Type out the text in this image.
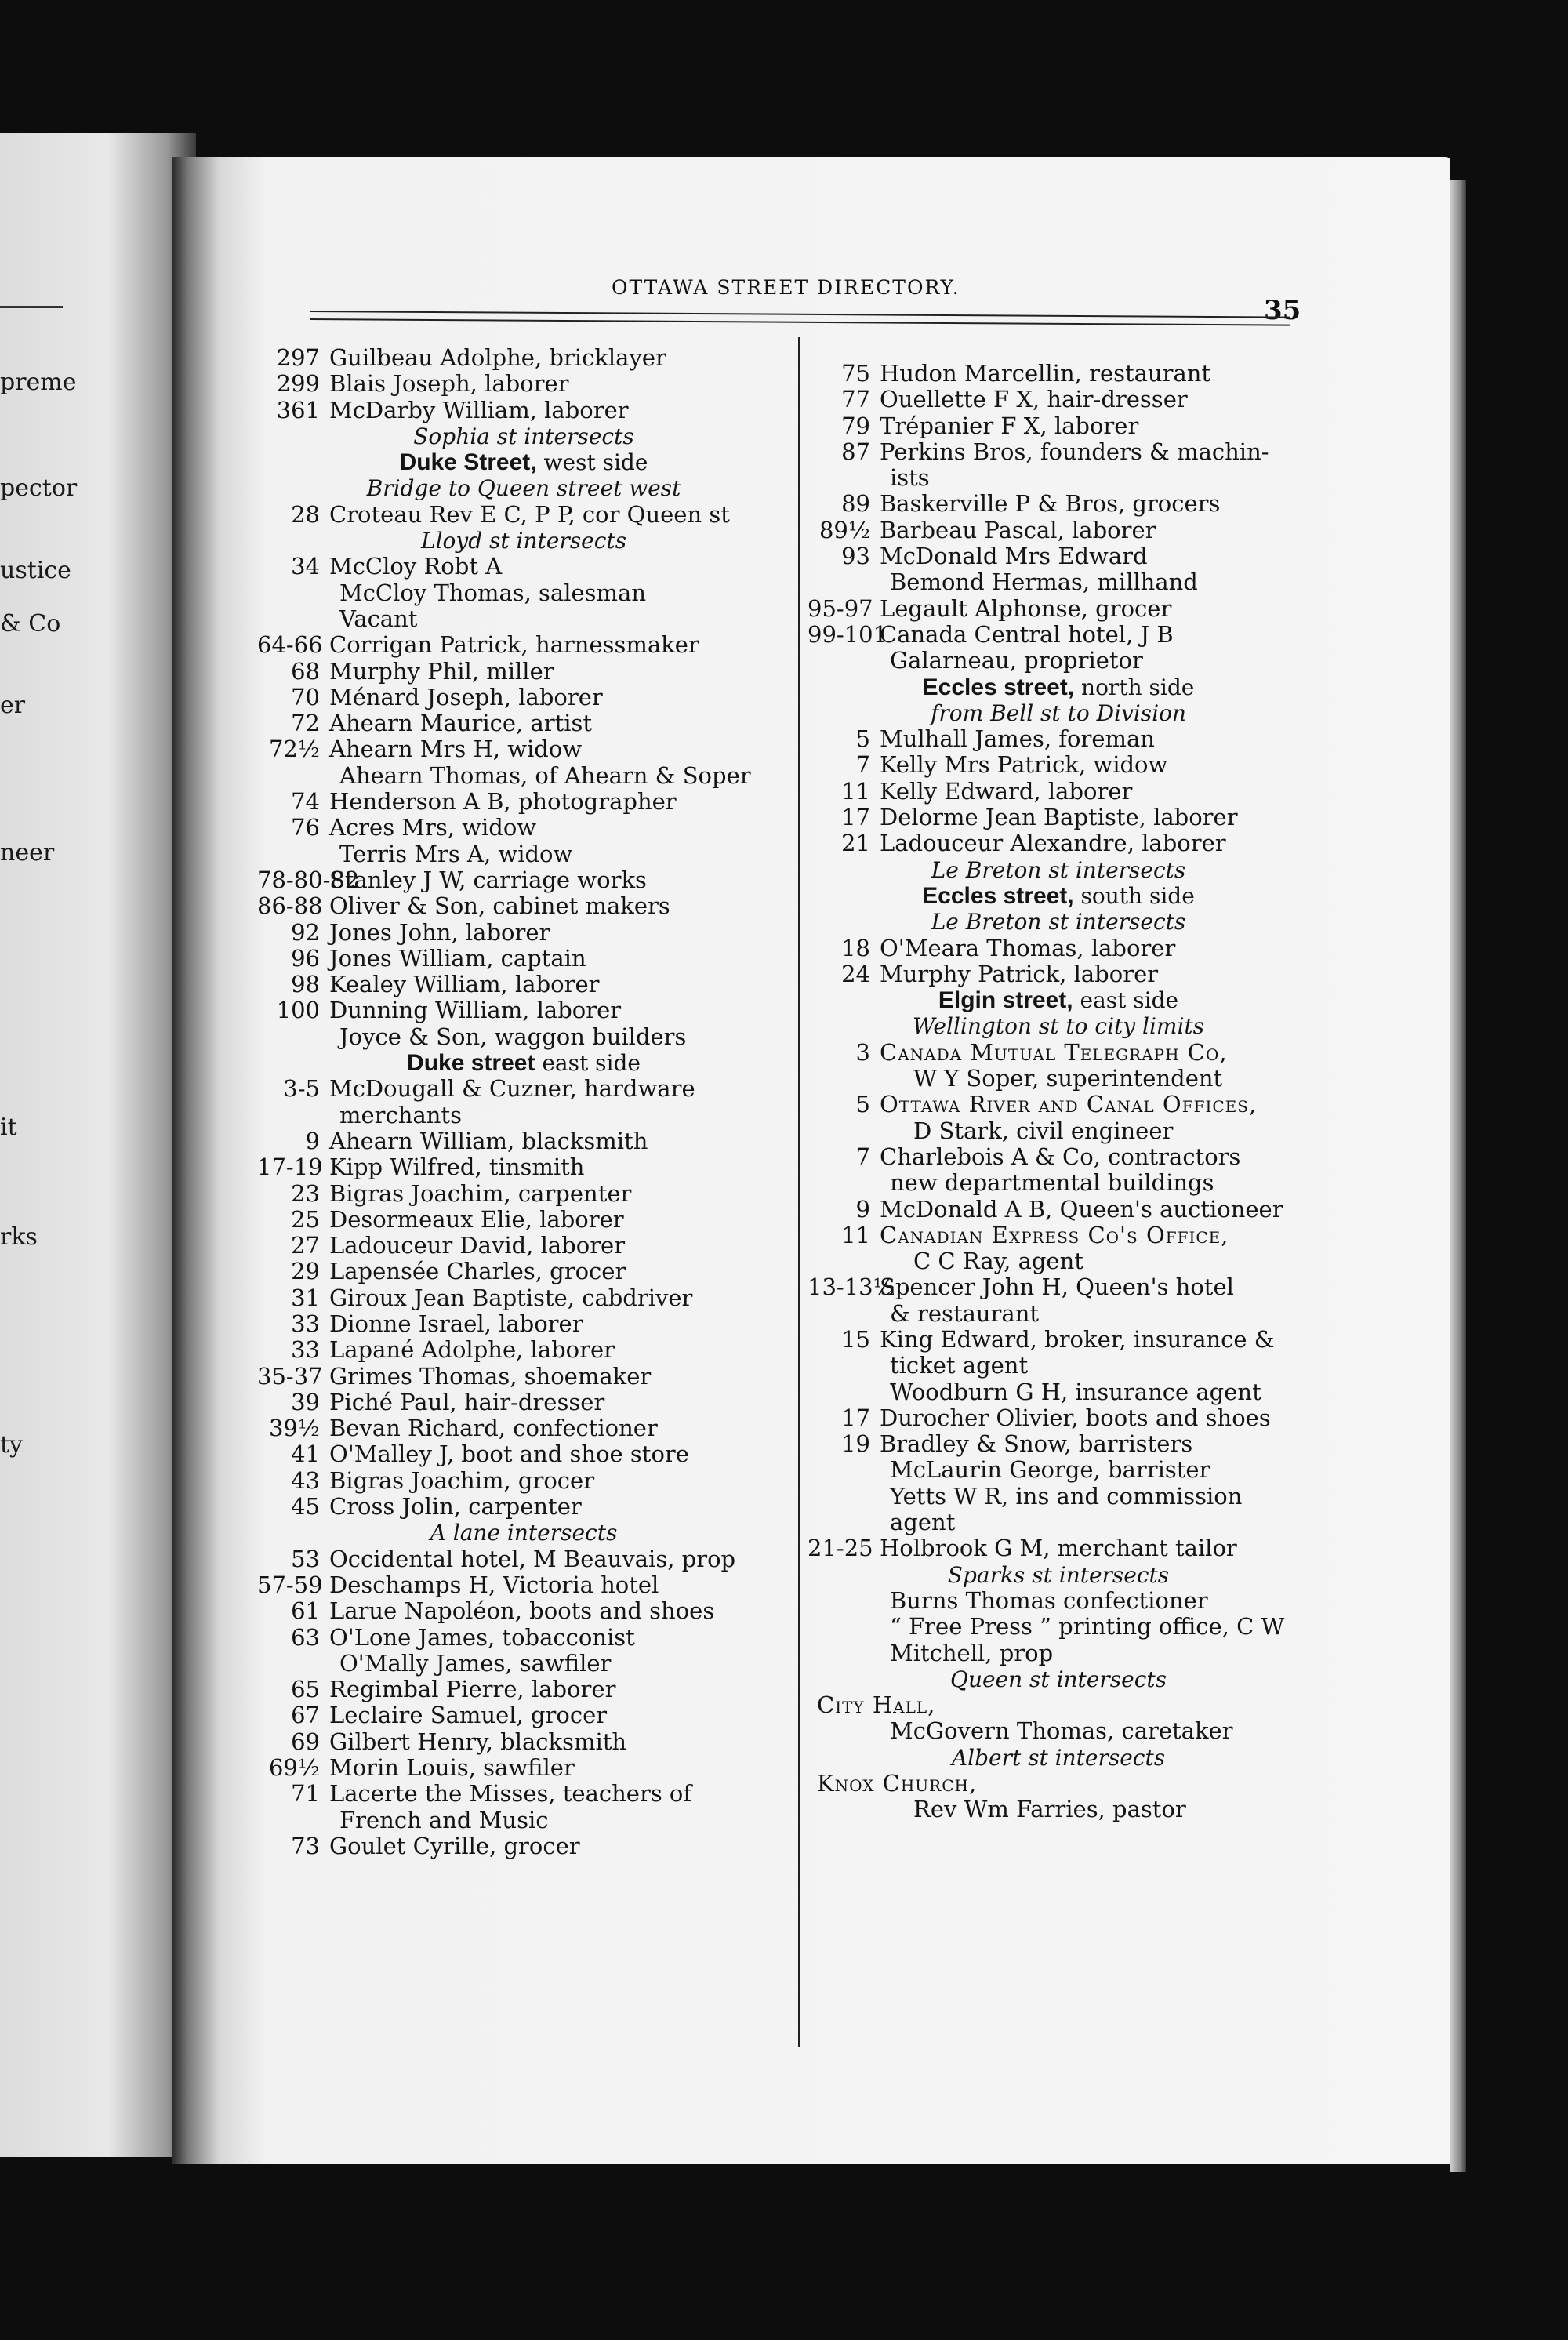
preme
pector
ustice
& Co
er
neer
it
rks
ty
OTTAWA STREET DIRECTORY.
35
297 Guilbeau Adolphe, bricklayer
299 Blais Joseph, laborer
361 McDarby William, laborer
Sophia st intersects
Duke Street, west side
Bridge to Queen street west
28 Croteau Rev E C, P P, cor Queen st
Lloyd st intersects
34 McCloy Robt A
McCloy Thomas, salesman
Vacant
64-66 Corrigan Patrick, harnessmaker
68 Murphy Phil, miller
70 Ménard Joseph, laborer
72 Ahearn Maurice, artist
72½ Ahearn Mrs H, widow
Ahearn Thomas, of Ahearn & Soper
74 Henderson A B, photographer
76 Acres Mrs, widow
Terris Mrs A, widow
78-80-82Stanley J W, carriage works
86-88 Oliver & Son, cabinet makers
92 Jones John, laborer
96 Jones William, captain
98 Kealey William, laborer
100 Dunning William, laborer
Joyce & Son, waggon builders
Duke street east side
3-5 McDougall & Cuzner, hardware
merchants
9 Ahearn William, blacksmith
17-19 Kipp Wilfred, tinsmith
23 Bigras Joachim, carpenter
25 Desormeaux Elie, laborer
27 Ladouceur David, laborer
29 Lapensée Charles, grocer
31 Giroux Jean Baptiste, cabdriver
33 Dionne Israel, laborer
33 Lapané Adolphe, laborer
35-37 Grimes Thomas, shoemaker
39 Piché Paul, hair-dresser
39½ Bevan Richard, confectioner
41 O'Malley J, boot and shoe store
43 Bigras Joachim, grocer
45 Cross Jolin, carpenter
A lane intersects
53 Occidental hotel, M Beauvais, prop
57-59 Deschamps H, Victoria hotel
61 Larue Napoléon, boots and shoes
63 O'Lone James, tobacconist
O'Mally James, sawfiler
65 Regimbal Pierre, laborer
67 Leclaire Samuel, grocer
69 Gilbert Henry, blacksmith
69½ Morin Louis, sawfiler
71 Lacerte the Misses, teachers of
French and Music
73 Goulet Cyrille, grocer
75 Hudon Marcellin, restaurant
77 Ouellette F X, hair-dresser
79 Trépanier F X, laborer
87 Perkins Bros, founders & machin-
ists
89 Baskerville P & Bros, grocers
89½ Barbeau Pascal, laborer
93 McDonald Mrs Edward
Bemond Hermas, millhand
95-97 Legault Alphonse, grocer
99-101Canada Central hotel, J B
Galarneau, proprietor
Eccles street, north side
from Bell st to Division
5 Mulhall James, foreman
7 Kelly Mrs Patrick, widow
11 Kelly Edward, laborer
17 Delorme Jean Baptiste, laborer
21 Ladouceur Alexandre, laborer
Le Breton st intersects
Eccles street, south side
Le Breton st intersects
18 O'Meara Thomas, laborer
24 Murphy Patrick, laborer
Elgin street, east side
Wellington st to city limits
3 Canada Mutual Telegraph Co,
W Y Soper, superintendent
5 Ottawa River and Canal Offices,
D Stark, civil engineer
7 Charlebois A & Co, contractors
new departmental buildings
9 McDonald A B, Queen's auctioneer
11 Canadian Express Co's Office,
C C Ray, agent
13-13½Spencer John H, Queen's hotel
& restaurant
15 King Edward, broker, insurance &
ticket agent
Woodburn G H, insurance agent
17 Durocher Olivier, boots and shoes
19 Bradley & Snow, barristers
McLaurin George, barrister
Yetts W R, ins and commission
agent
21-25 Holbrook G M, merchant tailor
Sparks st intersects
Burns Thomas confectioner
“ Free Press ” printing office, C W
Mitchell, prop
Queen st intersects
City Hall,
McGovern Thomas, caretaker
Albert st intersects
Knox Church,
Rev Wm Farries, pastor
